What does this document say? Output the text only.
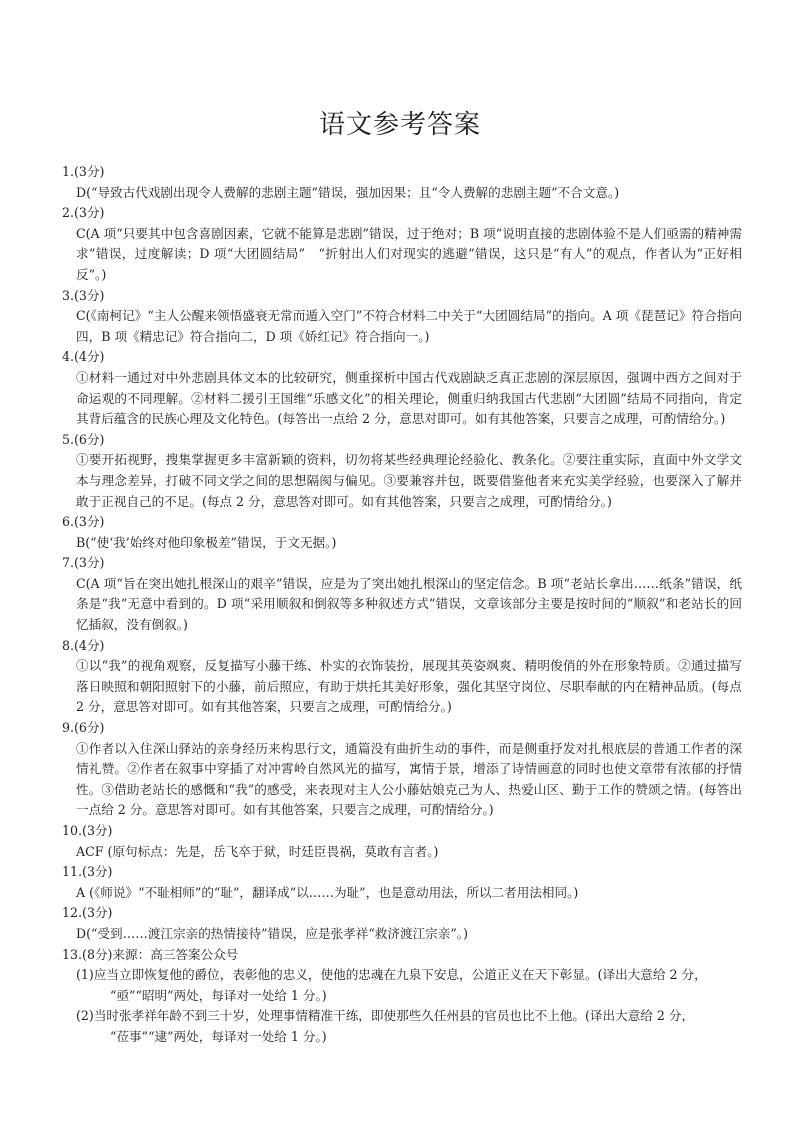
语文参考答案

1.(3分)

D(“导致古代戏剧出现令人费解的悲剧主题”错误，强加因果；且“令人费解的悲剧主题”不合文意。)

2.(3分)

C(A 项“只要其中包含喜剧因素，它就不能算是悲剧”错误，过于绝对；B 项“说明直接的悲剧体验不是人们亟需的精神需求”错误，过度解读；D 项“大团圆结局”　“折射出人们对现实的逃避”错误，这只是“有人”的观点，作者认为“正好相反”。)

3.(3分)

C(《南柯记》“主人公醒来领悟盛衰无常而遁入空门”不符合材料二中关于“大团圆结局”的指向。A 项《琵琶记》符合指向四，B 项《精忠记》符合指向二，D 项《娇红记》符合指向一。)

4.(4分)

①材料一通过对中外悲剧具体文本的比较研究，侧重探析中国古代戏剧缺乏真正悲剧的深层原因，强调中西方之间对于命运观的不同理解。②材料二援引王国维“乐感文化”的相关理论，侧重归纳我国古代悲剧“大团圆”结局不同指向，肯定其背后蕴含的民族心理及文化特色。(每答出一点给 2 分，意思对即可。如有其他答案，只要言之成理，可酌情给分。)

5.(6分)

①要开拓视野，搜集掌握更多丰富新颖的资料，切勿将某些经典理论经验化、教条化。②要注重实际，直面中外文学文本与理念差异，打破不同文学之间的思想隔阂与偏见。③要兼容并包，既要借鉴他者来充实美学经验，也要深入了解并敢于正视自己的不足。(每点 2 分，意思答对即可。如有其他答案，只要言之成理，可酌情给分。)

6.(3分)

B(“使‘我’始终对他印象极差”错误，于文无据。)

7.(3分)

C(A 项“旨在突出她扎根深山的艰辛”错误，应是为了突出她扎根深山的坚定信念。B 项“老站长拿出……纸条”错误，纸条是“我”无意中看到的。D 项“采用顺叙和倒叙等多种叙述方式”错误，文章该部分主要是按时间的“顺叙”和老站长的回忆插叙，没有倒叙。)

8.(4分)

①以“我”的视角观察，反复描写小藤干练、朴实的衣饰装扮，展现其英姿飒爽、精明俊俏的外在形象特质。②通过描写落日映照和朝阳照射下的小藤，前后照应，有助于烘托其美好形象，强化其坚守岗位、尽职奉献的内在精神品质。(每点 2 分，意思答对即可。如有其他答案，只要言之成理，可酌情给分。)

9.(6分)

①作者以入住深山驿站的亲身经历来构思行文，通篇没有曲折生动的事件，而是侧重抒发对扎根底层的普通工作者的深情礼赞。②作者在叙事中穿插了对冲霄岭自然风光的描写，寓情于景，增添了诗情画意的同时也使文章带有浓郁的抒情性。③借助老站长的感慨和“我”的感受，来表现对主人公小藤姑娘克己为人、热爱山区、勤于工作的赞颂之情。(每答出一点给 2 分。意思答对即可。如有其他答案，只要言之成理，可酌情给分。)

10.(3分)

ACF (原句标点：先是，岳飞卒于狱，时廷臣畏祸，莫敢有言者。)

11.(3分)

A (《师说》“不耻相师”的“耻”，翻译成“以……为耻”，也是意动用法，所以二者用法相同。)

12.(3分)

D(“受到……渡江宗亲的热情接待”错误，应是张孝祥“救济渡江宗亲”。)

13.(8分)来源：高三答案公众号

(1)应当立即恢复他的爵位，表彰他的忠义，使他的忠魂在九泉下安息，公道正义在天下彰显。(译出大意给 2 分，
“亟”“昭明”两处，每译对一处给 1 分。)

(2)当时张孝祥年龄不到三十岁，处理事情精准干练，即使那些久任州县的官员也比不上他。(译出大意给 2 分，
“莅事”“逮”两处，每译对一处给 1 分。)
